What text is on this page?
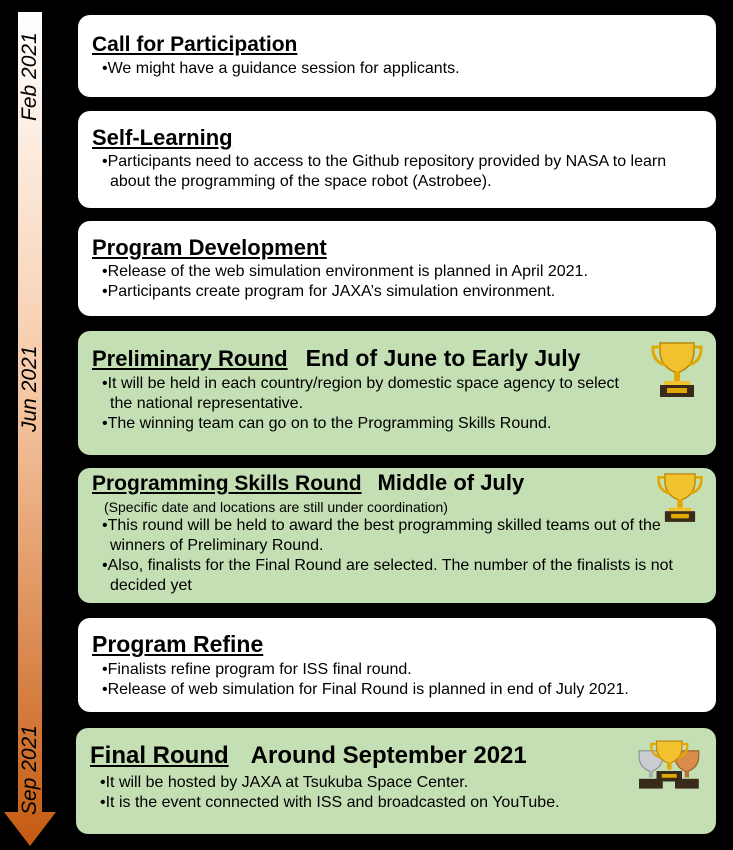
Feb 2021
Jun 2021
Sep 2021
Call for Participation
•We might have a guidance session for applicants.
Self-Learning
•Participants need to access to the Github repository provided by NASA to learn about the programming of the space robot (Astrobee).
Program Development
•Release of the web simulation environment is planned in April 2021.
•Participants create program for JAXA’s simulation environment.
Preliminary Round End of June to Early July
•It will be held in each country/region by domestic space agency to select the national representative.
•The winning team can go on to the Programming Skills Round.
Programming Skills Round Middle of July
(Specific date and locations are still under coordination)
•This round will be held to award the best programming skilled teams out of the winners of Preliminary Round.
•Also, finalists for the Final Round are selected. The number of the finalists is not decided yet
Program Refine
•Finalists refine program for ISS final round.
•Release of web simulation for Final Round is planned in end of July 2021.
Final Round Around September 2021
•It will be hosted by JAXA at Tsukuba Space Center.
•It is the event connected with ISS and broadcasted on YouTube.
